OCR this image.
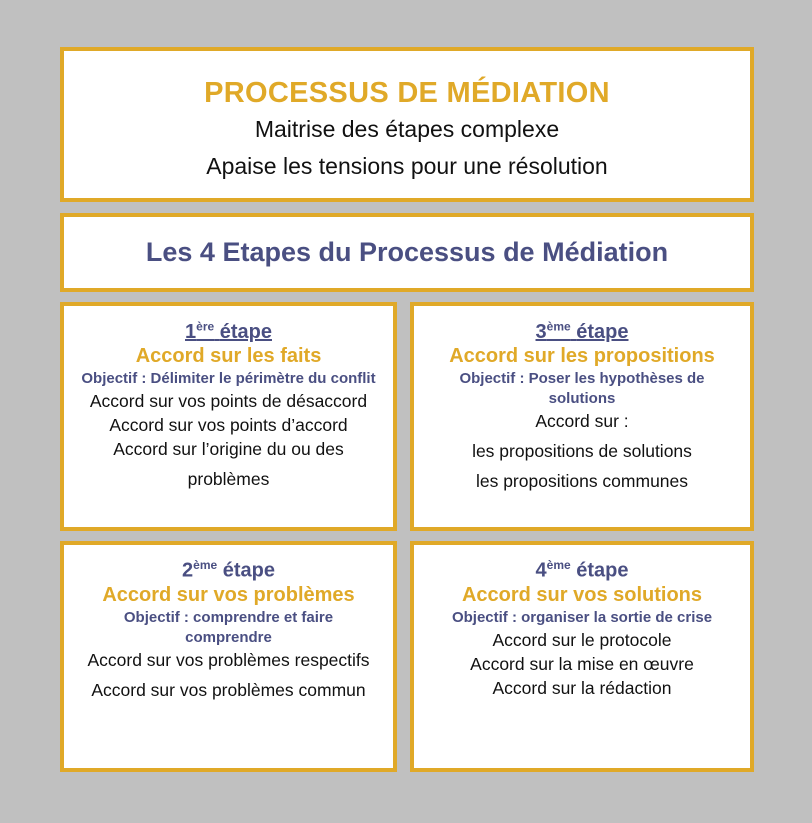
PROCESSUS DE MÉDIATION
Maitrise des étapes complexe
Apaise les tensions pour une résolution
Les 4 Etapes du Processus de Médiation
1ère étape
Accord sur les faits
Objectif : Délimiter le périmètre du conflit
Accord sur vos points de désaccord
Accord sur vos points d’accord
Accord sur l’origine du ou des
problèmes
3ème étape
Accord sur les propositions
Objectif : Poser les hypothèses de solutions
Accord sur :
les propositions de solutions
les propositions communes
2ème étape
Accord sur vos problèmes
Objectif : comprendre et faire comprendre
Accord sur vos problèmes respectifs
Accord sur vos problèmes commun
4ème étape
Accord sur vos solutions
Objectif : organiser la sortie de crise
Accord sur le protocole
Accord sur la mise en œuvre
Accord sur la rédaction
